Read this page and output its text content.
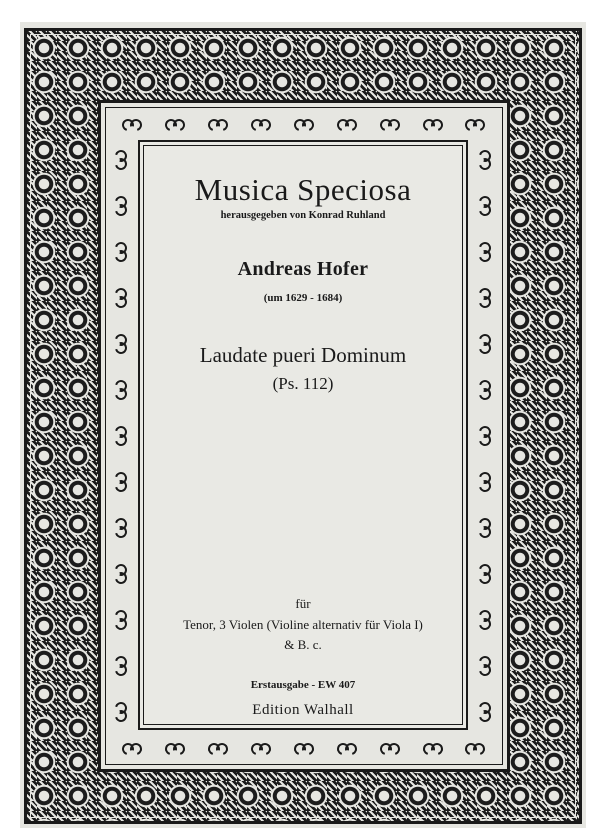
Musica Speciosa
herausgegeben von Konrad Ruhland
Andreas Hofer
(um 1629 - 1684)
Laudate pueri Dominum
(Ps. 112)
für
Tenor, 3 Violen (Violine alternativ für Viola I)
& B. c.
Erstausgabe - EW 407
Edition Walhall
